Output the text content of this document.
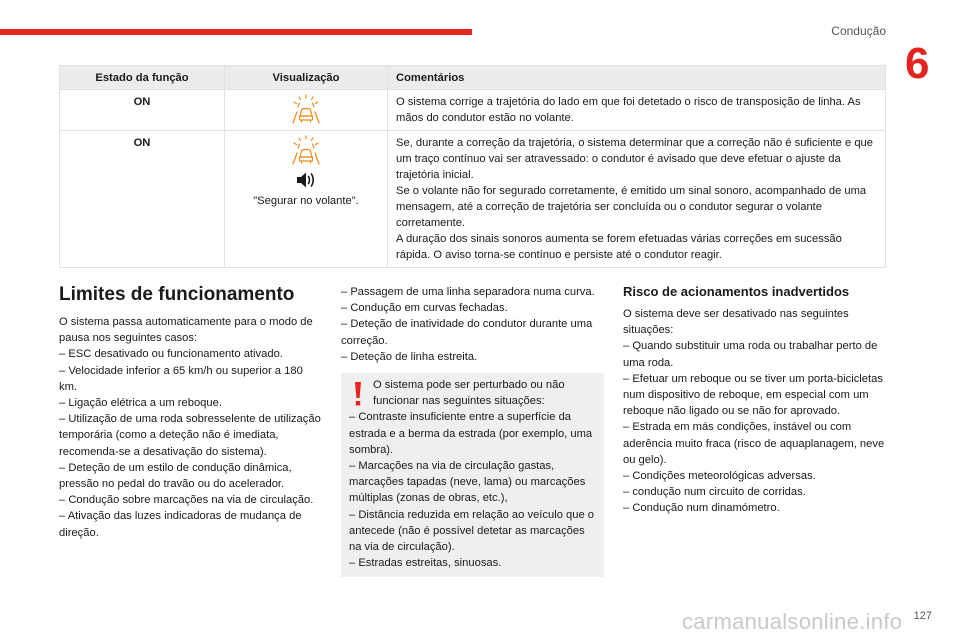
Condução
6
Estado da função	Visualização	Comentários
ON		O sistema corrige a trajetória do lado em que foi detetado o risco de transposição de linha. As mãos do condutor estão no volante.
ON	"Segurar no volante".	Se, durante a correção da trajetória, o sistema determinar que a correção não é suficiente e que um traço contínuo vai ser atravessado: o condutor é avisado que deve efetuar o ajuste da trajetória inicial.
Se o volante não for segurado corretamente, é emitido um sinal sonoro, acompanhado de uma mensagem, até a correção de trajetória ser concluída ou o condutor segurar o volante corretamente.
A duração dos sinais sonoros aumenta se forem efetuadas várias correções em sucessão rápida. O aviso torna-se contínuo e persiste até o condutor reagir.
Limites de funcionamento

O sistema passa automaticamente para o modo de pausa nos seguintes casos:

– ESC desativado ou funcionamento ativado.

– Velocidade inferior a 65 km/h ou superior a 180 km.

– Ligação elétrica a um reboque.

– Utilização de uma roda sobresselente de utilização temporária (como a deteção não é imediata, recomenda-se a desativação do sistema).

– Deteção de um estilo de condução dinâmica, pressão no pedal do travão ou do acelerador.

– Condução sobre marcações na via de circulação.

– Ativação das luzes indicadoras de mudança de direção.

– Passagem de uma linha separadora numa curva.

– Condução em curvas fechadas.

– Deteção de inatividade do condutor durante uma correção.

– Deteção de linha estreita.

O sistema pode ser perturbado ou não funcionar nas seguintes situações:

– Contraste insuficiente entre a superfície da estrada e a berma da estrada (por exemplo, uma sombra).

– Marcações na via de circulação gastas, marcações tapadas (neve, lama) ou marcações múltiplas (zonas de obras, etc.),

– Distância reduzida em relação ao veículo que o antecede (não é possível detetar as marcações na via de circulação).

– Estradas estreitas, sinuosas.

Risco de acionamentos inadvertidos

O sistema deve ser desativado nas seguintes situações:

– Quando substituir uma roda ou trabalhar perto de uma roda.

– Efetuar um reboque ou se tiver um porta-bicicletas num dispositivo de reboque, em especial com um reboque não ligado ou se não for aprovado.

– Estrada em más condições, instável ou com aderência muito fraca (risco de aquaplanagem, neve ou gelo).

– Condições meteorológicas adversas.

– condução num circuito de corridas.

– Condução num dinamómetro.

carmanualsonline.info 127
